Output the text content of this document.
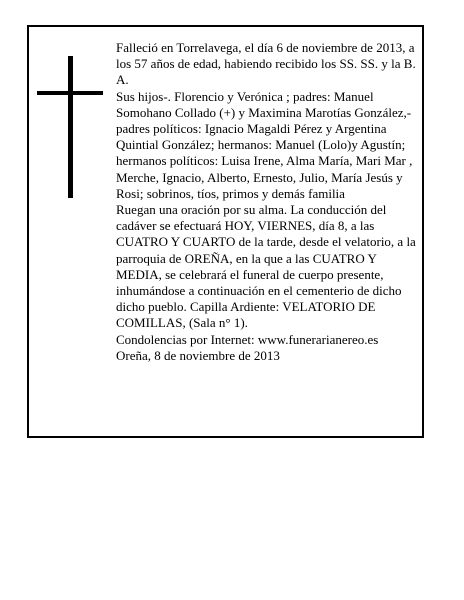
Falleció en Torrelavega, el día 6 de noviembre de 2013, a los 57 años de edad, habiendo recibido los SS. SS. y la B. A.

Sus hijos-. Florencio y Verónica ; padres: Manuel Somohano Collado (+) y Maximina Marotías González,- padres políticos: Ignacio Magaldi Pérez y Argentina Quintial González; hermanos: Manuel (Lolo)y Agustín; hermanos políticos: Luisa Irene, Alma María, Mari Mar , Merche, Ignacio, Alberto, Ernesto, Julio, María Jesús y Rosi; sobrinos, tíos, primos y demás familia

Ruegan una oración por su alma. La conducción del cadáver se efectuará HOY, VIERNES, día 8, a las CUATRO Y CUARTO de la tarde, desde el velatorio, a la parroquia de OREÑA, en la que a las CUATRO Y MEDIA, se celebrará el funeral de cuerpo presente, inhumándose a continuación en el cementerio de dicho dicho pueblo. Capilla Ardiente: VELATORIO DE COMILLAS, (Sala n° 1).

Condolencias por Internet: www.funerarianereo.es

Oreña, 8 de noviembre de 2013
